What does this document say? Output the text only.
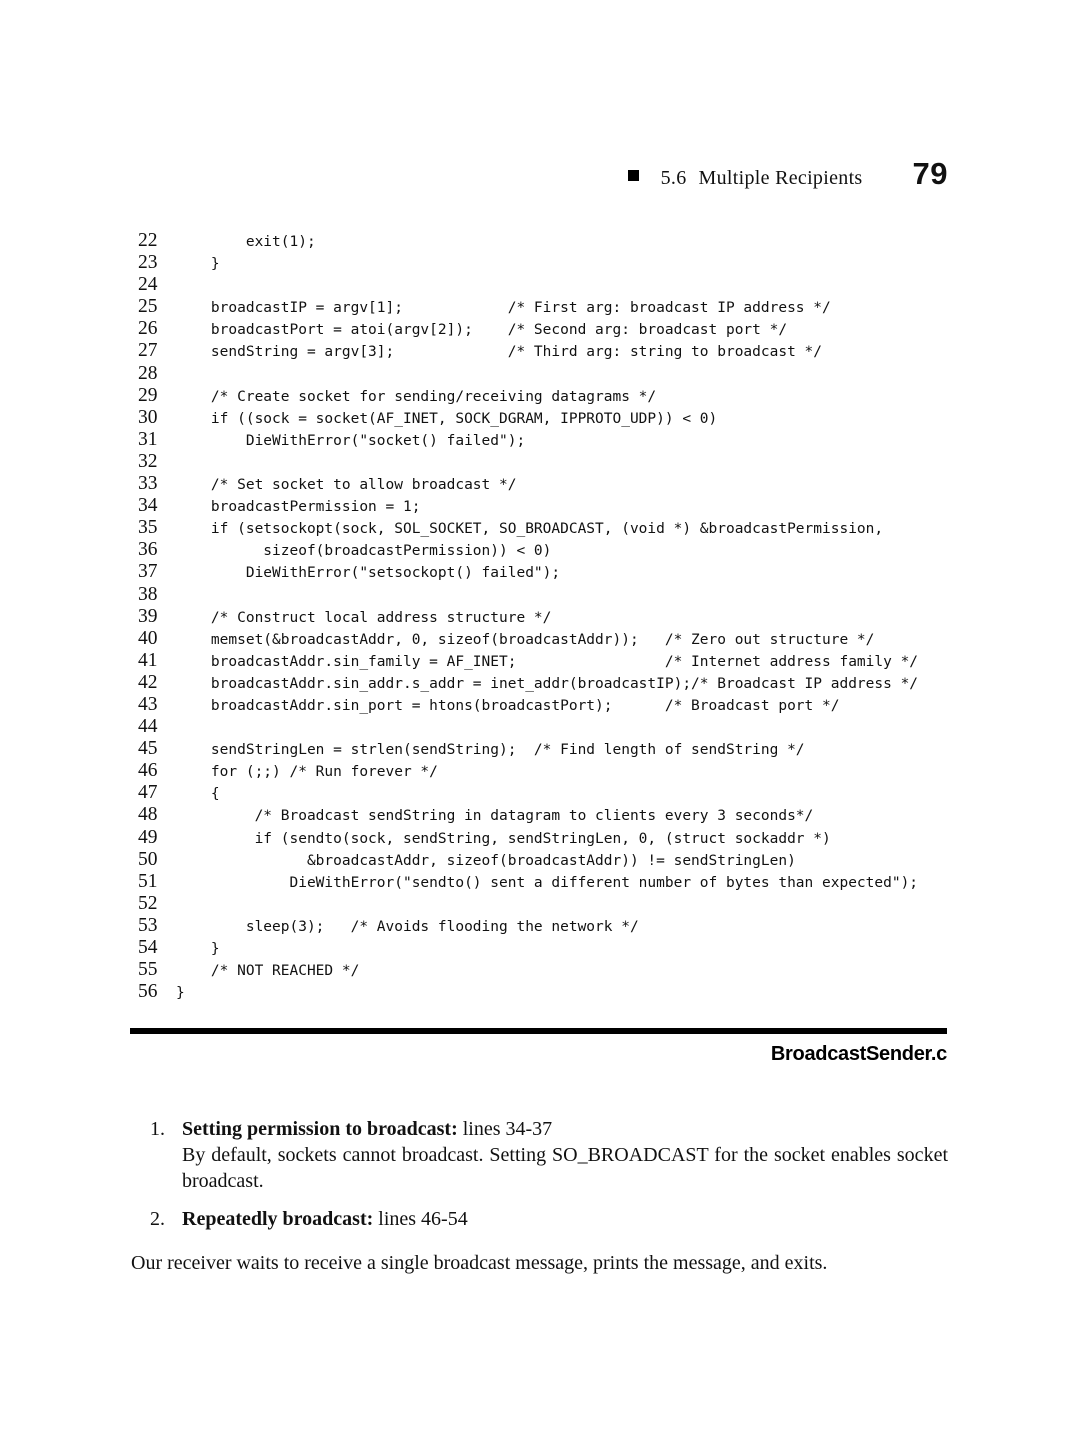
5.6 Multiple Recipients 79
22	exit(1);
23	}
24
25	broadcastIP = argv[1];            /* First arg: broadcast IP address */
26	broadcastPort = atoi(argv[2]);    /* Second arg: broadcast port */
27	sendString = argv[3];             /* Third arg: string to broadcast */
28
29	/* Create socket for sending/receiving datagrams */
30	if ((sock = socket(AF_INET, SOCK_DGRAM, IPPROTO_UDP)) < 0)
31	DieWithError("socket() failed");
32
33	/* Set socket to allow broadcast */
34	broadcastPermission = 1;
35	if (setsockopt(sock, SOL_SOCKET, SO_BROADCAST, (void *) &broadcastPermission,
36	sizeof(broadcastPermission)) < 0)
37	DieWithError("setsockopt() failed");
38
39	/* Construct local address structure */
40	memset(&broadcastAddr, 0, sizeof(broadcastAddr));   /* Zero out structure */
41	broadcastAddr.sin_family = AF_INET;                 /* Internet address family */
42	broadcastAddr.sin_addr.s_addr = inet_addr(broadcastIP);/* Broadcast IP address */
43	broadcastAddr.sin_port = htons(broadcastPort);      /* Broadcast port */
44
45	sendStringLen = strlen(sendString);  /* Find length of sendString */
46	for (;;) /* Run forever */
47	{
48	/* Broadcast sendString in datagram to clients every 3 seconds*/
49	if (sendto(sock, sendString, sendStringLen, 0, (struct sockaddr *)
50	&broadcastAddr, sizeof(broadcastAddr)) != sendStringLen)
51	DieWithError("sendto() sent a different number of bytes than expected");
52
53	sleep(3);   /* Avoids flooding the network */
54	}
55	/* NOT REACHED */
56	}
BroadcastSender.c
1. Setting permission to broadcast: lines 34-37
By default, sockets cannot broadcast. Setting SO_BROADCAST for the socket enables socket broadcast.
2. Repeatedly broadcast: lines 46-54
Our receiver waits to receive a single broadcast message, prints the message, and exits.
